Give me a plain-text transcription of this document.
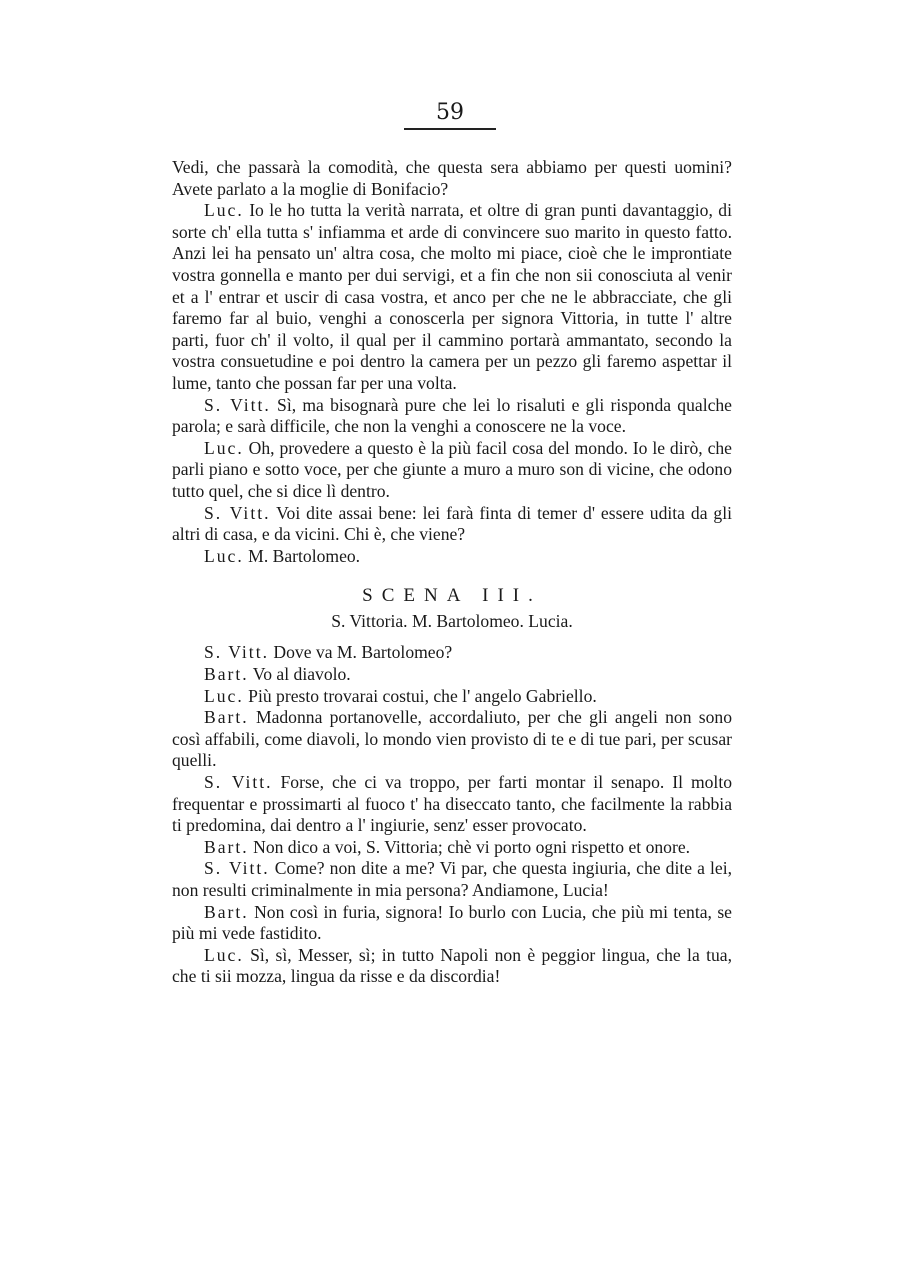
59

Vedi, che passarà la comodità, che questa sera abbiamo per questi uomini? Avete parlato a la moglie di Bonifacio?

Luc. Io le ho tutta la verità narrata, et oltre di gran punti davantaggio, di sorte ch' ella tutta s' infiamma et arde di convincere suo marito in questo fatto. Anzi lei ha pensato un' altra cosa, che molto mi piace, cioè che le improntiate vostra gonnella e manto per dui servigi, et a fin che non sii conosciuta al venir et a l' entrar et uscir di casa vostra, et anco per che ne le abbracciate, che gli faremo far al buio, venghi a conoscerla per signora Vittoria, in tutte l' altre parti, fuor ch' il volto, il qual per il cammino portarà ammantato, secondo la vostra consuetudine e poi dentro la camera per un pezzo gli faremo aspettar il lume, tanto che possan far per una volta.

S. Vitt. Sì, ma bisognarà pure che lei lo risaluti e gli risponda qualche parola; e sarà difficile, che non la venghi a conoscere ne la voce.

Luc. Oh, provedere a questo è la più facil cosa del mondo. Io le dirò, che parli piano e sotto voce, per che giunte a muro a muro son di vicine, che odono tutto quel, che si dice lì dentro.

S. Vitt. Voi dite assai bene: lei farà finta di temer d' essere udita da gli altri di casa, e da vicini. Chi è, che viene?

Luc. M. Bartolomeo.

SCENA III.

S. Vittoria. M. Bartolomeo. Lucia.

S. Vitt. Dove va M. Bartolomeo?

Bart. Vo al diavolo.

Luc. Più presto trovarai costui, che l' angelo Gabriello.

Bart. Madonna portanovelle, accordaliuto, per che gli angeli non sono così affabili, come diavoli, lo mondo vien provisto di te e di tue pari, per scusar quelli.

S. Vitt. Forse, che ci va troppo, per farti montar il senapo. Il molto frequentar e prossimarti al fuoco t' ha diseccato tanto, che facilmente la rabbia ti predomina, dai dentro a l' ingiurie, senz' esser provocato.

Bart. Non dico a voi, S. Vittoria; chè vi porto ogni rispetto et onore.

S. Vitt. Come? non dite a me? Vi par, che questa ingiuria, che dite a lei, non resulti criminalmente in mia persona? Andiamone, Lucia!

Bart. Non così in furia, signora! Io burlo con Lucia, che più mi tenta, se più mi vede fastidito.

Luc. Sì, sì, Messer, sì; in tutto Napoli non è peggior lingua, che la tua, che ti sii mozza, lingua da risse e da discordia!
